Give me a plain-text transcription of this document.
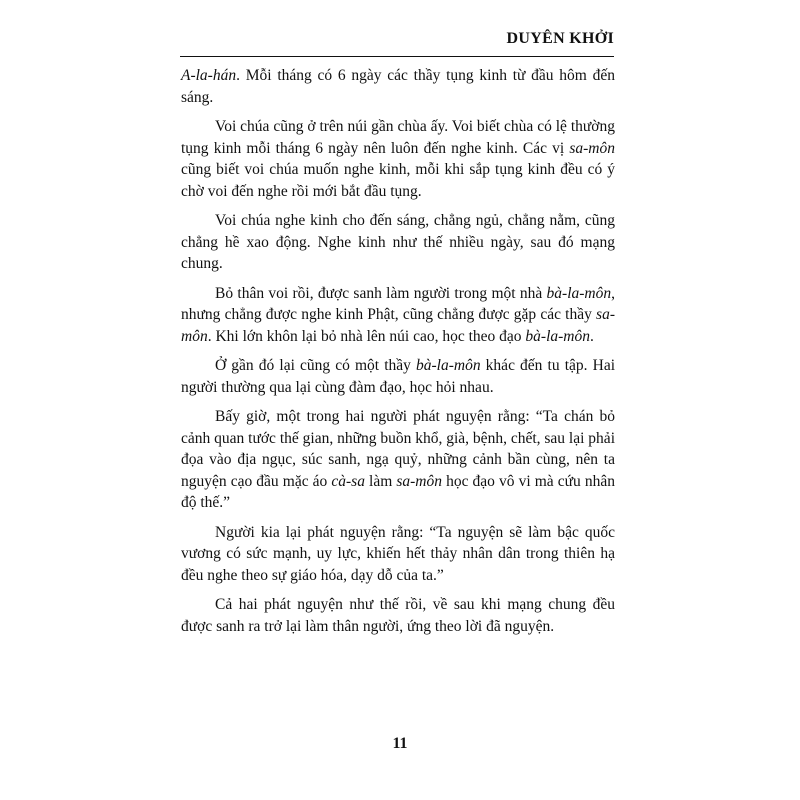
DUYÊN KHỞI

A-la-hán. Mỗi tháng có 6 ngày các thầy tụng kinh từ đầu hôm đến sáng.

Voi chúa cũng ở trên núi gần chùa ấy. Voi biết chùa có lệ thường tụng kinh mỗi tháng 6 ngày nên luôn đến nghe kinh. Các vị sa-môn cũng biết voi chúa muốn nghe kinh, mỗi khi sắp tụng kinh đều có ý chờ voi đến nghe rồi mới bắt đầu tụng.

Voi chúa nghe kinh cho đến sáng, chẳng ngủ, chẳng nằm, cũng chẳng hề xao động. Nghe kinh như thế nhiều ngày, sau đó mạng chung.

Bỏ thân voi rồi, được sanh làm người trong một nhà bà-la-môn, nhưng chẳng được nghe kinh Phật, cũng chẳng được gặp các thầy sa-môn. Khi lớn khôn lại bỏ nhà lên núi cao, học theo đạo bà-la-môn.

Ở gần đó lại cũng có một thầy bà-la-môn khác đến tu tập. Hai người thường qua lại cùng đàm đạo, học hỏi nhau.

Bấy giờ, một trong hai người phát nguyện rằng: “Ta chán bỏ cảnh quan tước thế gian, những buồn khổ, già, bệnh, chết, sau lại phải đọa vào địa ngục, súc sanh, ngạ quỷ, những cảnh bần cùng, nên ta nguyện cạo đầu mặc áo cà-sa làm sa-môn học đạo vô vi mà cứu nhân độ thế.”

Người kia lại phát nguyện rằng: “Ta nguyện sẽ làm bậc quốc vương có sức mạnh, uy lực, khiến hết thảy nhân dân trong thiên hạ đều nghe theo sự giáo hóa, dạy dỗ của ta.”

Cả hai phát nguyện như thế rồi, về sau khi mạng chung đều được sanh ra trở lại làm thân người, ứng theo lời đã nguyện.

11
